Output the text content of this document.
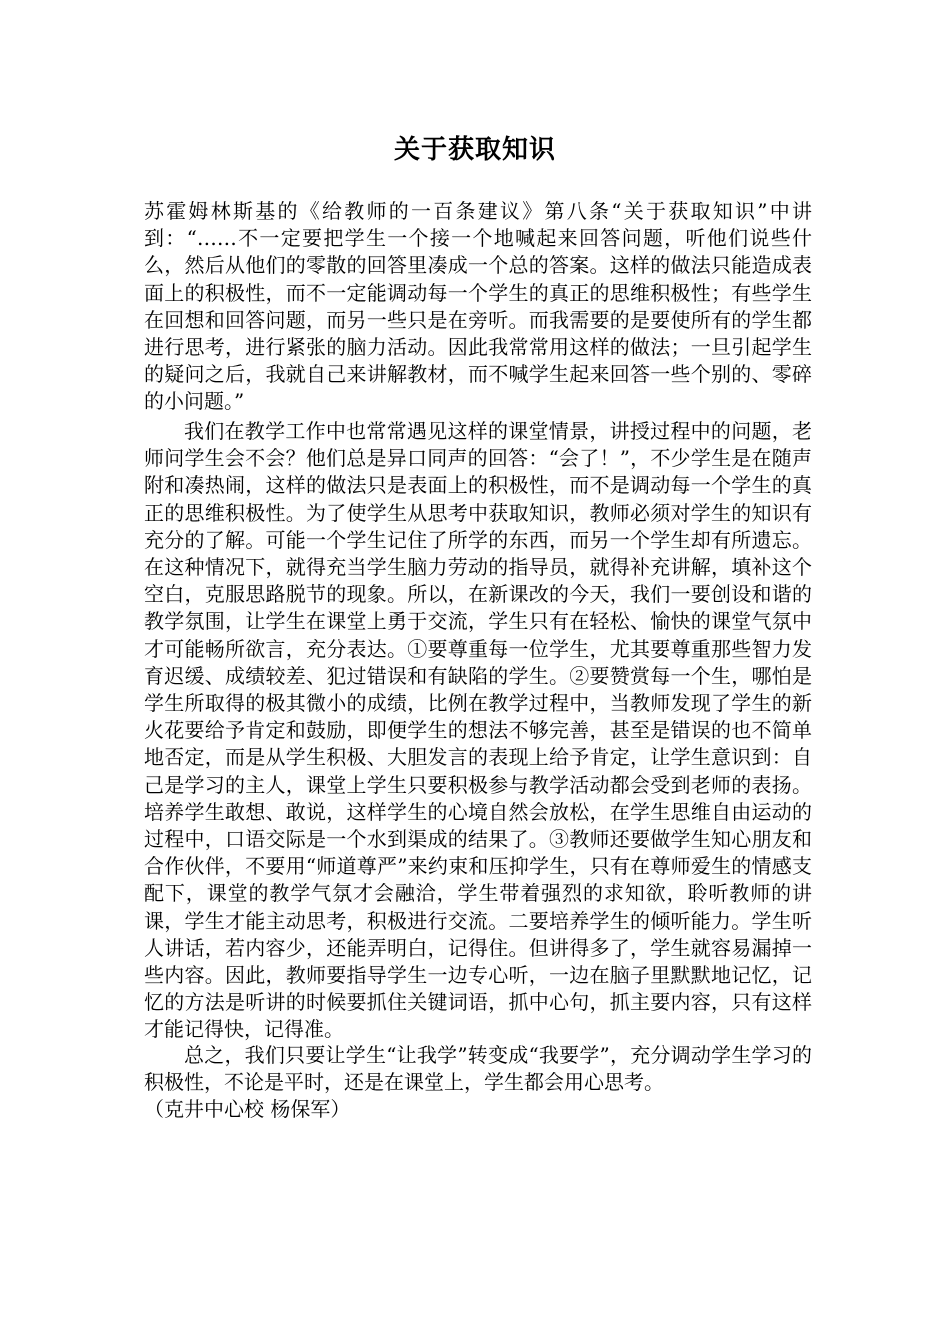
关于获取知识

苏霍姆林斯基的《给教师的一百条建议》第八条“关于获取知识”中讲到：“……不一定要把学生一个接一个地喊起来回答问题，听他们说些什么，然后从他们的零散的回答里凑成一个总的答案。这样的做法只能造成表面上的积极性，而不一定能调动每一个学生的真正的思维积极性；有些学生在回想和回答问题，而另一些只是在旁听。而我需要的是要使所有的学生都进行思考，进行紧张的脑力活动。因此我常常用这样的做法；一旦引起学生的疑问之后，我就自己来讲解教材，而不喊学生起来回答一些个别的、零碎的小问题。”

我们在教学工作中也常常遇见这样的课堂情景，讲授过程中的问题，老师问学生会不会？他们总是异口同声的回答：“会了！”，不少学生是在随声附和凑热闹，这样的做法只是表面上的积极性，而不是调动每一个学生的真正的思维积极性。为了使学生从思考中获取知识，教师必须对学生的知识有充分的了解。可能一个学生记住了所学的东西，而另一个学生却有所遗忘。在这种情况下，就得充当学生脑力劳动的指导员，就得补充讲解，填补这个空白，克服思路脱节的现象。所以，在新课改的今天，我们一要创设和谐的教学氛围，让学生在课堂上勇于交流，学生只有在轻松、愉快的课堂气氛中才可能畅所欲言，充分表达。①要尊重每一位学生，尤其要尊重那些智力发育迟缓、成绩较差、犯过错误和有缺陷的学生。②要赞赏每一个生，哪怕是学生所取得的极其微小的成绩，比例在教学过程中，当教师发现了学生的新火花要给予肯定和鼓励，即便学生的想法不够完善，甚至是错误的也不简单地否定，而是从学生积极、大胆发言的表现上给予肯定，让学生意识到：自己是学习的主人，课堂上学生只要积极参与教学活动都会受到老师的表扬。培养学生敢想、敢说，这样学生的心境自然会放松，在学生思维自由运动的过程中，口语交际是一个水到渠成的结果了。③教师还要做学生知心朋友和合作伙伴，不要用“师道尊严”来约束和压抑学生，只有在尊师爱生的情感支配下，课堂的教学气氛才会融洽，学生带着强烈的求知欲，聆听教师的讲课，学生才能主动思考，积极进行交流。二要培养学生的倾听能力。学生听人讲话，若内容少，还能弄明白，记得住。但讲得多了，学生就容易漏掉一些内容。因此，教师要指导学生一边专心听，一边在脑子里默默地记忆，记忆的方法是听讲的时候要抓住关键词语，抓中心句，抓主要内容，只有这样才能记得快，记得准。

总之，我们只要让学生“让我学”转变成“我要学”，充分调动学生学习的积极性，不论是平时，还是在课堂上，学生都会用心思考。

（克井中心校 杨保军）
